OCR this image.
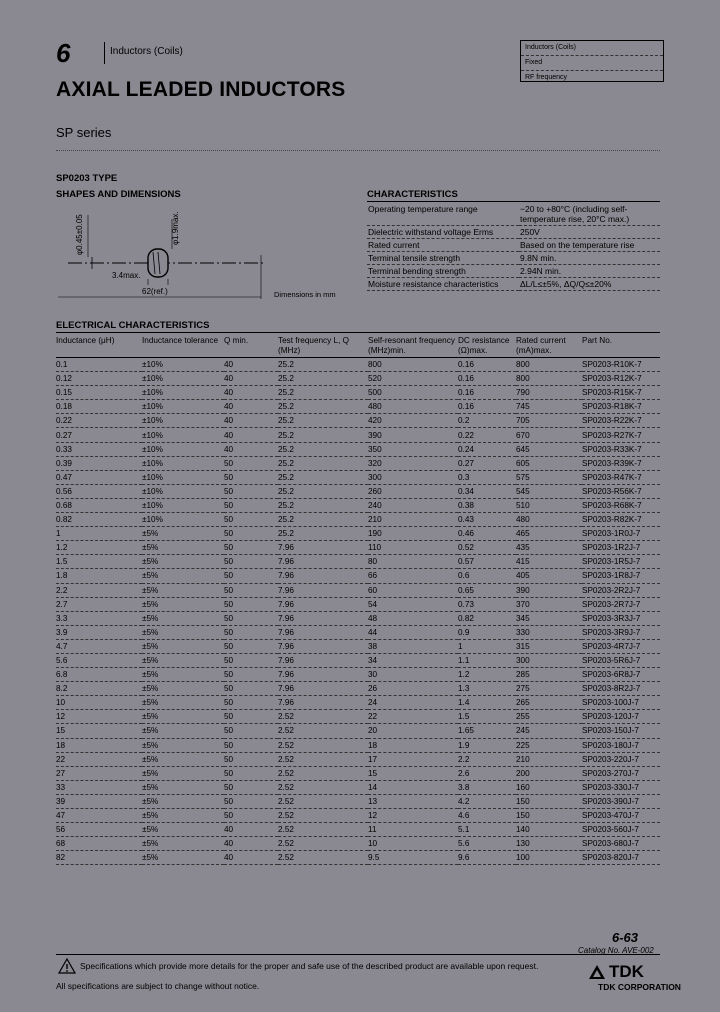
6	Inductors (Coils)	Inductors (Coils)
Fixed
RF frequency
AXIAL LEADED INDUCTORS
SP series
SP0203 TYPE
SHAPES AND DIMENSIONS
φ0.45±0.05	φ1.9max.
3.4max.
62(ref.)	Dimensions in mm
CHARACTERISTICS
Operating temperature range	−20 to +80°C (including self-temperature rise, 20°C max.)
Dielectric withstand voltage Erms	250V
Rated current	Based on the temperature rise
Terminal tensile strength	9.8N min.
Terminal bending strength	2.94N min.
Moisture resistance characteristics	ΔL/L≤±5%, ΔQ/Q≤±20%
ELECTRICAL CHARACTERISTICS
Inductance (μH)	Inductance tolerance	Q min.	Test frequency L, Q (MHz)	Self-resonant frequency (MHz)min.	DC resistance (Ω)max.	Rated current (mA)max.	Part No.
0.1	±10%	40	25.2	800	0.16	800	SP0203-R10K-7
0.12	±10%	40	25.2	520	0.16	800	SP0203-R12K-7
0.15	±10%	40	25.2	500	0.16	790	SP0203-R15K-7
0.18	±10%	40	25.2	480	0.16	745	SP0203-R18K-7
0.22	±10%	40	25.2	420	0.2	705	SP0203-R22K-7
0.27	±10%	40	25.2	390	0.22	670	SP0203-R27K-7
0.33	±10%	40	25.2	350	0.24	645	SP0203-R33K-7
0.39	±10%	50	25.2	320	0.27	605	SP0203-R39K-7
0.47	±10%	50	25.2	300	0.3	575	SP0203-R47K-7
0.56	±10%	50	25.2	260	0.34	545	SP0203-R56K-7
0.68	±10%	50	25.2	240	0.38	510	SP0203-R68K-7
0.82	±10%	50	25.2	210	0.43	480	SP0203-R82K-7
1	±5%	50	25.2	190	0.46	465	SP0203-1R0J-7
1.2	±5%	50	7.96	110	0.52	435	SP0203-1R2J-7
1.5	±5%	50	7.96	80	0.57	415	SP0203-1R5J-7
1.8	±5%	50	7.96	66	0.6	405	SP0203-1R8J-7
2.2	±5%	50	7.96	60	0.65	390	SP0203-2R2J-7
2.7	±5%	50	7.96	54	0.73	370	SP0203-2R7J-7
3.3	±5%	50	7.96	48	0.82	345	SP0203-3R3J-7
3.9	±5%	50	7.96	44	0.9	330	SP0203-3R9J-7
4.7	±5%	50	7.96	38	1	315	SP0203-4R7J-7
5.6	±5%	50	7.96	34	1.1	300	SP0203-5R6J-7
6.8	±5%	50	7.96	30	1.2	285	SP0203-6R8J-7
8.2	±5%	50	7.96	26	1.3	275	SP0203-8R2J-7
10	±5%	50	7.96	24	1.4	265	SP0203-100J-7
12	±5%	50	2.52	22	1.5	255	SP0203-120J-7
15	±5%	50	2.52	20	1.65	245	SP0203-150J-7
18	±5%	50	2.52	18	1.9	225	SP0203-180J-7
22	±5%	50	2.52	17	2.2	210	SP0203-220J-7
27	±5%	50	2.52	15	2.6	200	SP0203-270J-7
33	±5%	50	2.52	14	3.8	160	SP0203-330J-7
39	±5%	50	2.52	13	4.2	150	SP0203-390J-7
47	±5%	50	2.52	12	4.6	150	SP0203-470J-7
56	±5%	40	2.52	11	5.1	140	SP0203-560J-7
68	±5%	40	2.52	10	5.6	130	SP0203-680J-7
82	±5%	40	2.52	9.5	9.6	100	SP0203-820J-7
6-63
Catalog No. AVE-002
Specifications which provide more details for the proper and safe use of the described product are available upon request.
All specifications are subject to change without notice.
TDK
TDK CORPORATION
